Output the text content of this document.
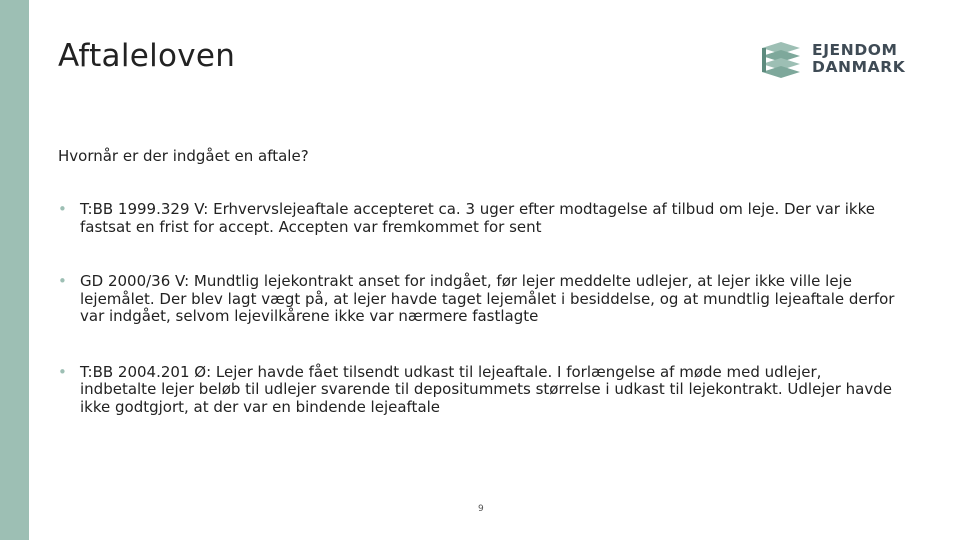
Aftaleloven	EJENDOM
DANMARK
Hvornår er der indgået en aftale?
• T:BB 1999.329 V: Erhvervslejeaftale accepteret ca. 3 uger efter modtagelse af tilbud om leje. Der var ikke fastsat en frist for accept. Accepten var fremkommet for sent
• GD 2000/36 V: Mundtlig lejekontrakt anset for indgået, før lejer meddelte udlejer, at lejer ikke ville leje lejemålet. Der blev lagt vægt på, at lejer havde taget lejemålet i besiddelse, og at mundtlig lejeaftale derfor var indgået, selvom lejevilkårene ikke var nærmere fastlagte
• T:BB 2004.201 Ø: Lejer havde fået tilsendt udkast til lejeaftale. I forlængelse af møde med udlejer, indbetalte lejer beløb til udlejer svarende til depositummets størrelse i udkast til lejekontrakt. Udlejer havde ikke godtgjort, at der var en bindende lejeaftale
9
